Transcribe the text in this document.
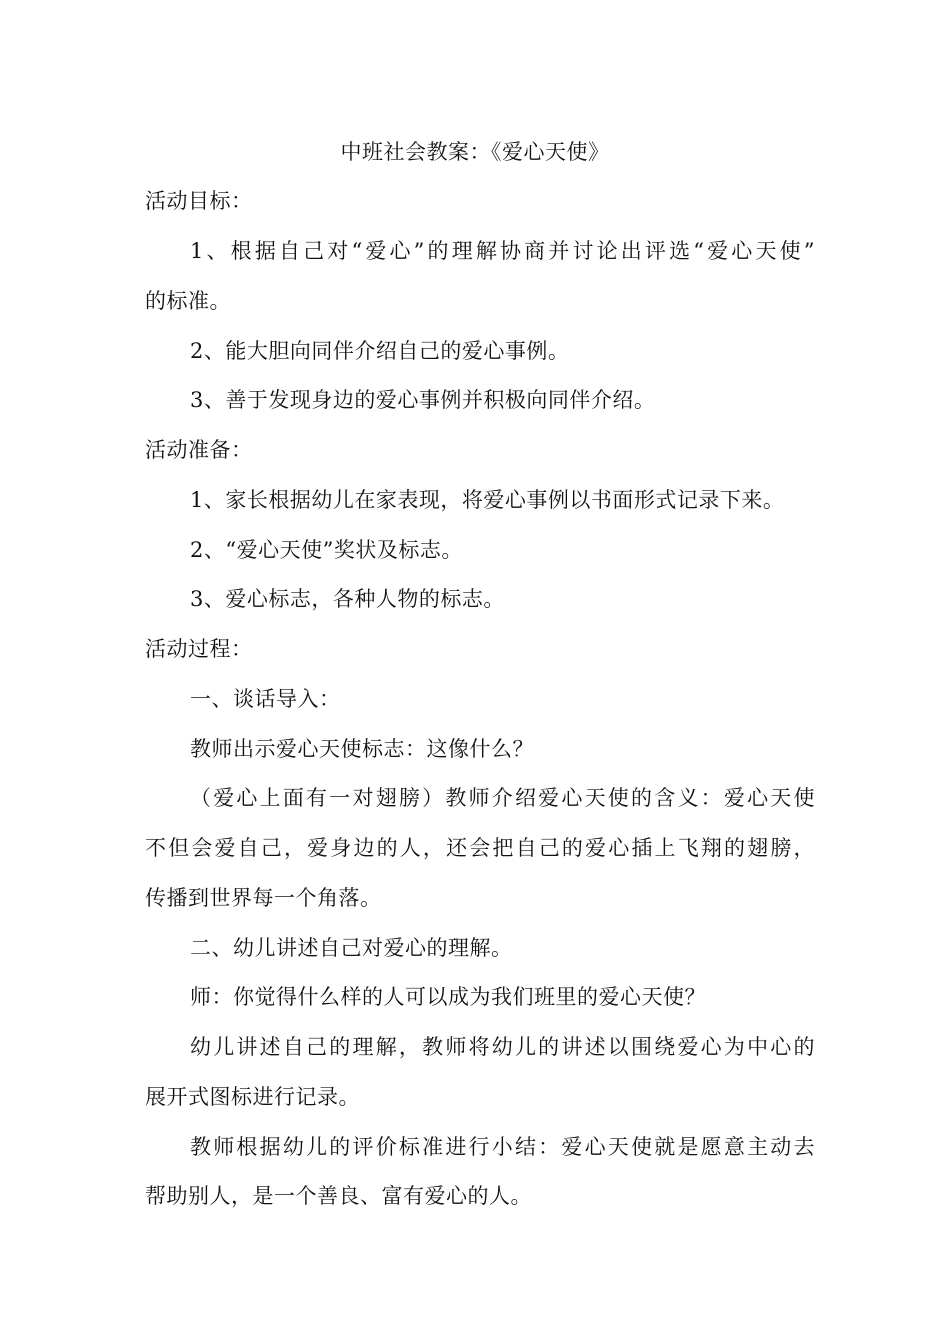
中班社会教案：《爱心天使》
活动目标：
1、根据自己对“爱心”的理解协商并讨论出评选“爱心天使”
的标准。
2、能大胆向同伴介绍自己的爱心事例。
3、善于发现身边的爱心事例并积极向同伴介绍。
活动准备：
1、家长根据幼儿在家表现，将爱心事例以书面形式记录下来。
2、“爱心天使”奖状及标志。
3、爱心标志，各种人物的标志。
活动过程：
一、谈话导入：
教师出示爱心天使标志：这像什么？
（爱心上面有一对翅膀）教师介绍爱心天使的含义：爱心天使
不但会爱自己，爱身边的人，还会把自己的爱心插上飞翔的翅膀，
传播到世界每一个角落。
二、幼儿讲述自己对爱心的理解。
师：你觉得什么样的人可以成为我们班里的爱心天使？
幼儿讲述自己的理解，教师将幼儿的讲述以围绕爱心为中心的
展开式图标进行记录。
教师根据幼儿的评价标准进行小结：爱心天使就是愿意主动去
帮助别人，是一个善良、富有爱心的人。
